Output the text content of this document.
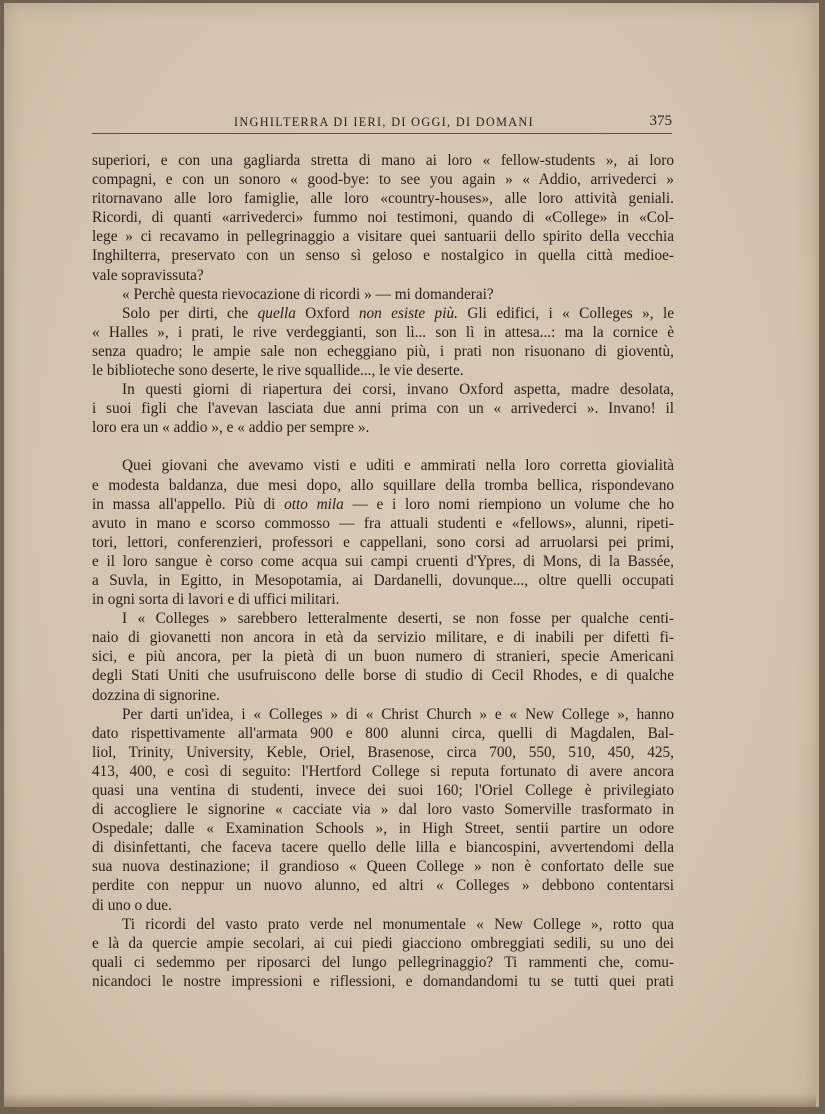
INGHILTERRA DI IERI, DI OGGI, DI DOMANI	375
superiori, e con una gagliarda stretta di mano ai loro « fellow-students », ai loro
compagni, e con un sonoro « good-bye: to see you again » « Addio, arrivederci »
ritornavano alle loro famiglie, alle loro «country-houses», alle loro attività geniali.
Ricordi, di quanti «arrivederci» fummo noi testimoni, quando di «College» in «Col-
lege » ci recavamo in pellegrinaggio a visitare quei santuarii dello spirito della vecchia
Inghilterra, preservato con un senso sì geloso e nostalgico in quella città medioe-
vale sopravissuta?
« Perchè questa rievocazione di ricordi » — mi domanderai?
Solo per dirti, che quella Oxford non esiste più. Gli edifici, i « Colleges », le
« Halles », i prati, le rive verdeggianti, son lì... son lì in attesa...: ma la cornice è
senza quadro; le ampie sale non echeggiano più, i prati non risuonano di gioventù,
le biblioteche sono deserte, le rive squallide..., le vie deserte.
In questi giorni di riapertura dei corsi, invano Oxford aspetta, madre desolata,
i suoi figli che l'avevan lasciata due anni prima con un « arrivederci ». Invano! il
loro era un « addio », e « addio per sempre ».
Quei giovani che avevamo visti e uditi e ammirati nella loro corretta giovialità
e modesta baldanza, due mesi dopo, allo squillare della tromba bellica, rispondevano
in massa all'appello. Più di otto mila — e i loro nomi riempiono un volume che ho
avuto in mano e scorso commosso — fra attuali studenti e «fellows», alunni, ripeti-
tori, lettori, conferenzieri, professori e cappellani, sono corsi ad arruolarsi pei primi,
e il loro sangue è corso come acqua sui campi cruenti d'Ypres, di Mons, di la Bassée,
a Suvla, in Egitto, in Mesopotamia, ai Dardanelli, dovunque..., oltre quelli occupati
in ogni sorta di lavori e di uffici militari.
I « Colleges » sarebbero letteralmente deserti, se non fosse per qualche centi-
naio di giovanetti non ancora in età da servizio militare, e di inabili per difetti fi-
sici, e più ancora, per la pietà di un buon numero di stranieri, specie Americani
degli Stati Uniti che usufruiscono delle borse di studio di Cecil Rhodes, e di qualche
dozzina di signorine.
Per darti un'idea, i « Colleges » di « Christ Church » e « New College », hanno
dato rispettivamente all'armata 900 e 800 alunni circa, quelli di Magdalen, Bal-
liol, Trinity, University, Keble, Oriel, Brasenose, circa 700, 550, 510, 450, 425,
413, 400, e così di seguito: l'Hertford College si reputa fortunato di avere ancora
quasi una ventina di studenti, invece dei suoi 160; l'Oriel College è privilegiato
di accogliere le signorine « cacciate via » dal loro vasto Somerville trasformato in
Ospedale; dalle « Examination Schools », in High Street, sentii partire un odore
di disinfettanti, che faceva tacere quello delle lilla e biancospini, avvertendomi della
sua nuova destinazione; il grandioso « Queen College » non è confortato delle sue
perdite con neppur un nuovo alunno, ed altri « Colleges » debbono contentarsi
di uno o due.
Ti ricordi del vasto prato verde nel monumentale « New College », rotto qua
e là da quercie ampie secolari, ai cui piedi giacciono ombreggiati sedili, su uno dei
quali ci sedemmo per riposarci del lungo pellegrinaggio? Ti rammenti che, comu-
nicandoci le nostre impressioni e riflessioni, e domandandomi tu se tutti quei prati
